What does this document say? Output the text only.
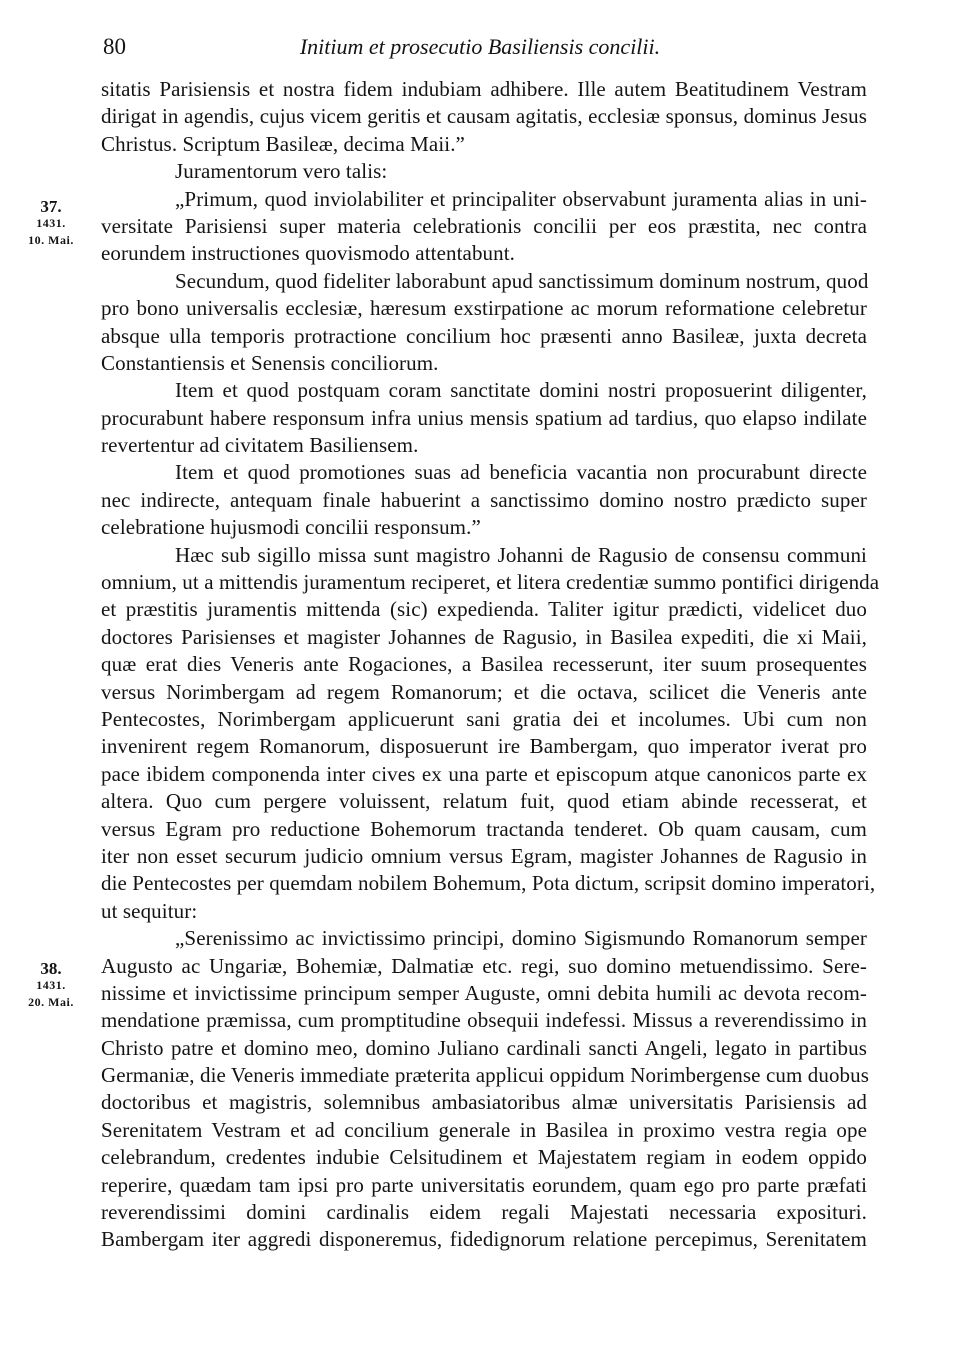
80	Initium et prosecutio Basiliensis concilii.
37.
1431.
10. Mai.
38.
1431.
20. Mai.
sitatis Parisiensis et nostra fidem indubiam adhibere. Ille autem Beatitudinem Vestram
dirigat in agendis, cujus vicem geritis et causam agitatis, ecclesiæ sponsus, dominus Jesus
Christus. Scriptum Basileæ, decima Maii.”
Juramentorum vero talis:
„Primum, quod inviolabiliter et principaliter observabunt juramenta alias in uni-
versitate Parisiensi super materia celebrationis concilii per eos præstita, nec contra
eorundem instructiones quovismodo attentabunt.
Secundum, quod fideliter laborabunt apud sanctissimum dominum nostrum, quod
pro bono universalis ecclesiæ, hæresum exstirpatione ac morum reformatione celebretur
absque ulla temporis protractione concilium hoc præsenti anno Basileæ, juxta decreta
Constantiensis et Senensis conciliorum.
Item et quod postquam coram sanctitate domini nostri proposuerint diligenter,
procurabunt habere responsum infra unius mensis spatium ad tardius, quo elapso indilate
revertentur ad civitatem Basiliensem.
Item et quod promotiones suas ad beneficia vacantia non procurabunt directe
nec indirecte, antequam finale habuerint a sanctissimo domino nostro prædicto super
celebratione hujusmodi concilii responsum.”
Hæc sub sigillo missa sunt magistro Johanni de Ragusio de consensu communi
omnium, ut a mittendis juramentum reciperet, et litera credentiæ summo pontifici dirigenda
et præstitis juramentis mittenda (sic) expedienda. Taliter igitur prædicti, videlicet duo
doctores Parisienses et magister Johannes de Ragusio, in Basilea expediti, die xi Maii,
quæ erat dies Veneris ante Rogaciones, a Basilea recesserunt, iter suum prosequentes
versus Norimbergam ad regem Romanorum; et die octava, scilicet die Veneris ante
Pentecostes, Norimbergam applicuerunt sani gratia dei et incolumes. Ubi cum non
invenirent regem Romanorum, disposuerunt ire Bambergam, quo imperator iverat pro
pace ibidem componenda inter cives ex una parte et episcopum atque canonicos parte ex
altera. Quo cum pergere voluissent, relatum fuit, quod etiam abinde recesserat, et
versus Egram pro reductione Bohemorum tractanda tenderet. Ob quam causam, cum
iter non esset securum judicio omnium versus Egram, magister Johannes de Ragusio in
die Pentecostes per quemdam nobilem Bohemum, Pota dictum, scripsit domino imperatori,
ut sequitur:
„Serenissimo ac invictissimo principi, domino Sigismundo Romanorum semper
Augusto ac Ungariæ, Bohemiæ, Dalmatiæ etc. regi, suo domino metuendissimo. Sere-
nissime et invictissime principum semper Auguste, omni debita humili ac devota recom-
mendatione præmissa, cum promptitudine obsequii indefessi. Missus a reverendissimo in
Christo patre et domino meo, domino Juliano cardinali sancti Angeli, legato in partibus
Germaniæ, die Veneris immediate præterita applicui oppidum Norimbergense cum duobus
doctoribus et magistris, solemnibus ambasiatoribus almæ universitatis Parisiensis ad
Serenitatem Vestram et ad concilium generale in Basilea in proximo vestra regia ope
celebrandum, credentes indubie Celsitudinem et Majestatem regiam in eodem oppido
reperire, quædam tam ipsi pro parte universitatis eorundem, quam ego pro parte præfati
reverendissimi domini cardinalis eidem regali Majestati necessaria expositurі.
Bambergam iter aggredi disponeremus, fidedignorum relatione percepimus, Serenitatem
